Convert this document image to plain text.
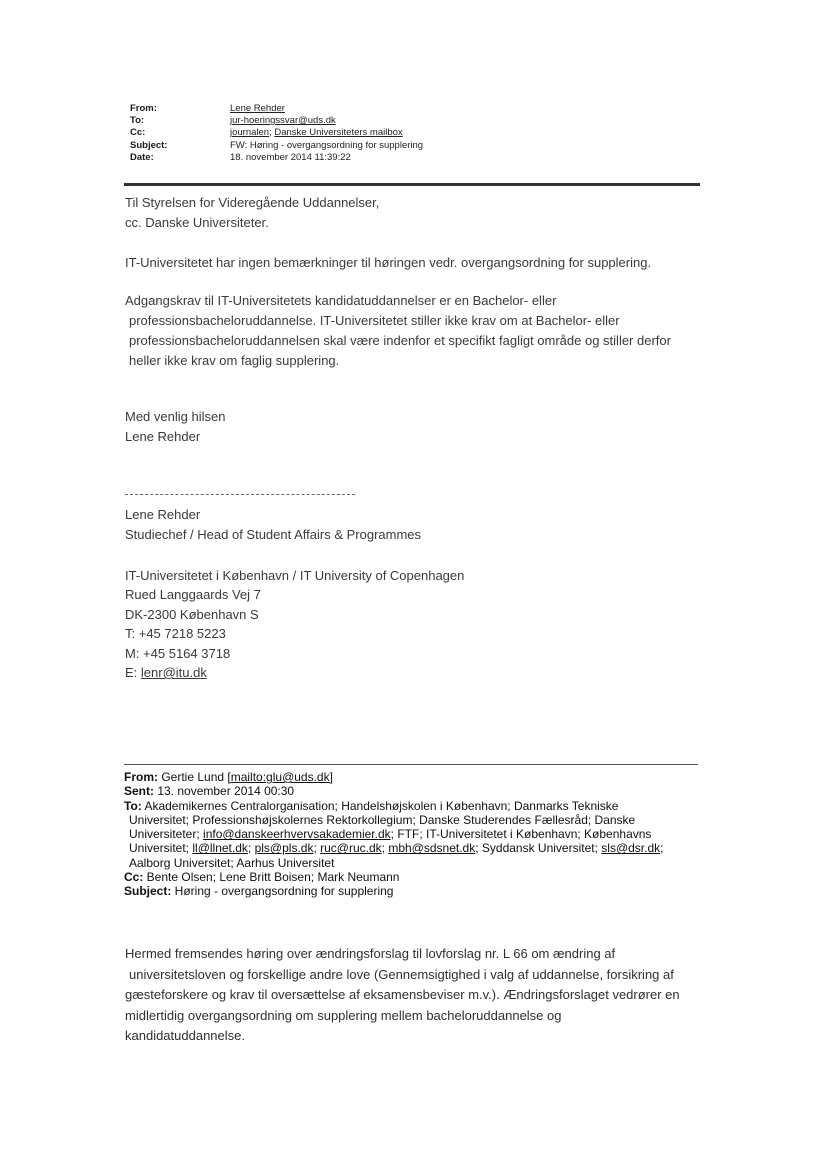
From:	Lene Rehder
To:	jur-hoeringssvar@uds.dk
Cc:	journalen; Danske Universiteters mailbox
Subject:	FW: Høring - overgangsordning for supplering
Date:	18. november 2014 11:39:22
Til Styrelsen for Videregående Uddannelser,
cc. Danske Universiteter.
IT-Universitetet har ingen bemærkninger til høringen vedr. overgangsordning for supplering.
Adgangskrav til IT-Universitetets kandidatuddannelser er en Bachelor- eller
professionsbacheloruddannelse. IT-Universitetet stiller ikke krav om at Bachelor- eller
professionsbacheloruddannelsen skal være indenfor et specifikt fagligt område og stiller derfor
heller ikke krav om faglig supplering.
Med venlig hilsen
Lene Rehder
Lene Rehder
Studiechef / Head of Student Affairs & Programmes
IT-Universitetet i København / IT University of Copenhagen
Rued Langgaards Vej 7
DK-2300 København S
T: +45 7218 5223
M: +45 5164 3718
E: lenr@itu.dk
From: Gertie Lund [mailto:glu@uds.dk]
Sent: 13. november 2014 00:30
To: Akademikernes Centralorganisation; Handelshøjskolen i København; Danmarks Tekniske
Universitet; Professionshøjskolernes Rektorkollegium; Danske Studerendes Fællesråd; Danske
Universiteter; info@danskeerhvervsakademier.dk; FTF; IT-Universitetet i København; Københavns
Universitet; ll@llnet.dk; pls@pls.dk; ruc@ruc.dk; mbh@sdsnet.dk; Syddansk Universitet; sls@dsr.dk;
Aalborg Universitet; Aarhus Universitet
Cc: Bente Olsen; Lene Britt Boisen; Mark Neumann
Subject: Høring - overgangsordning for supplering
Hermed fremsendes høring over ændringsforslag til lovforslag nr. L 66 om ændring af
universitetsloven og forskellige andre love (Gennemsigtighed i valg af uddannelse, forsikring af
gæsteforskere og krav til oversættelse af eksamensbeviser m.v.). Ændringsforslaget vedrører en
midlertidig overgangsordning om supplering mellem bacheloruddannelse og
kandidatuddannelse.
